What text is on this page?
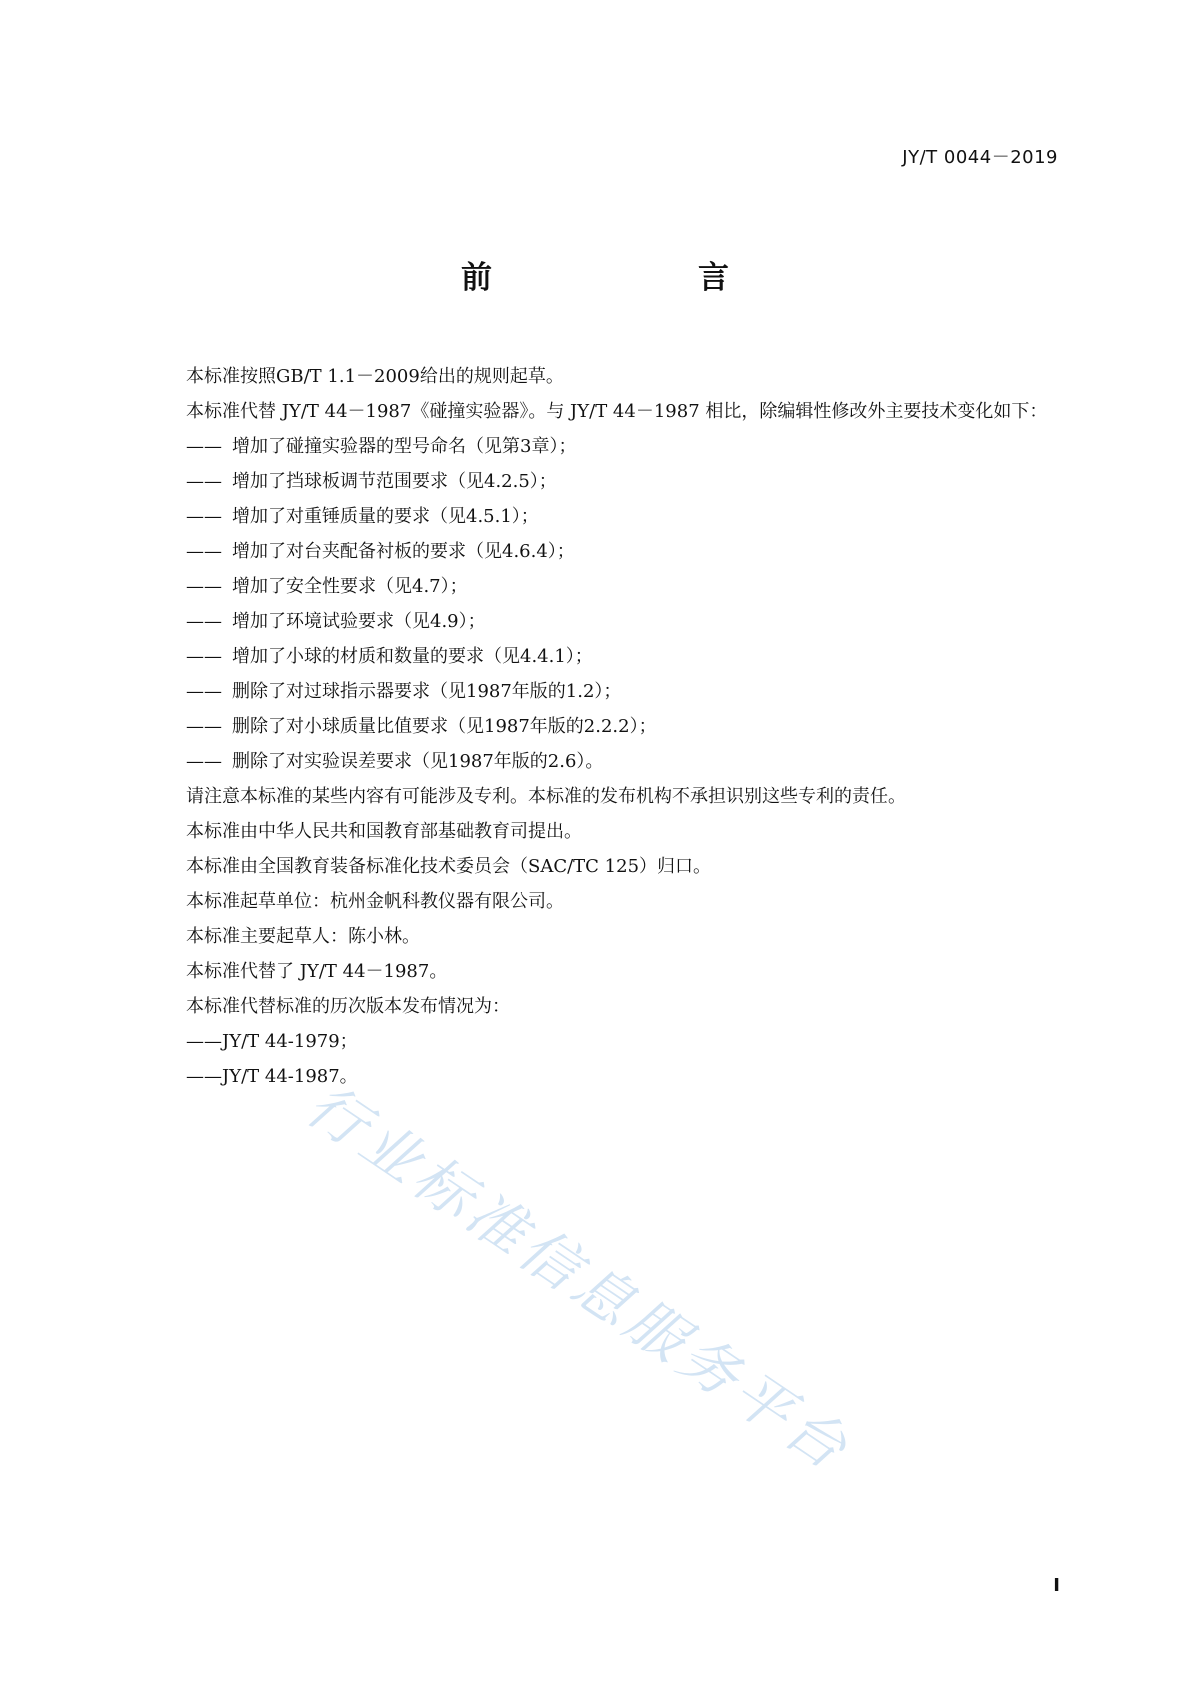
JY/T 0044－2019
前　　言

本标准按照GB/T 1.1－2009给出的规则起草。

本标准代替 JY/T 44－1987《碰撞实验器》。与 JY/T 44－1987 相比，除编辑性修改外主要技术变化如下：

—— 增加了碰撞实验器的型号命名（见第3章）；
—— 增加了挡球板调节范围要求（见4.2.5）；
—— 增加了对重锤质量的要求（见4.5.1）；
—— 增加了对台夹配备衬板的要求（见4.6.4）；
—— 增加了安全性要求（见4.7）；
—— 增加了环境试验要求（见4.9）；
—— 增加了小球的材质和数量的要求（见4.4.1）；
—— 删除了对过球指示器要求（见1987年版的1.2）；
—— 删除了对小球质量比值要求（见1987年版的2.2.2）；
—— 删除了对实验误差要求（见1987年版的2.6）。
请注意本标准的某些内容有可能涉及专利。本标准的发布机构不承担识别这些专利的责任。
本标准由中华人民共和国教育部基础教育司提出。
本标准由全国教育装备标准化技术委员会（SAC/TC 125）归口。
本标准起草单位：杭州金帆科教仪器有限公司。
本标准主要起草人：陈小林。
本标准代替了 JY/T 44－1987。
本标准代替标准的历次版本发布情况为：
——JY/T 44-1979；
——JY/T 44-1987。
行业标准信息服务平台
I
